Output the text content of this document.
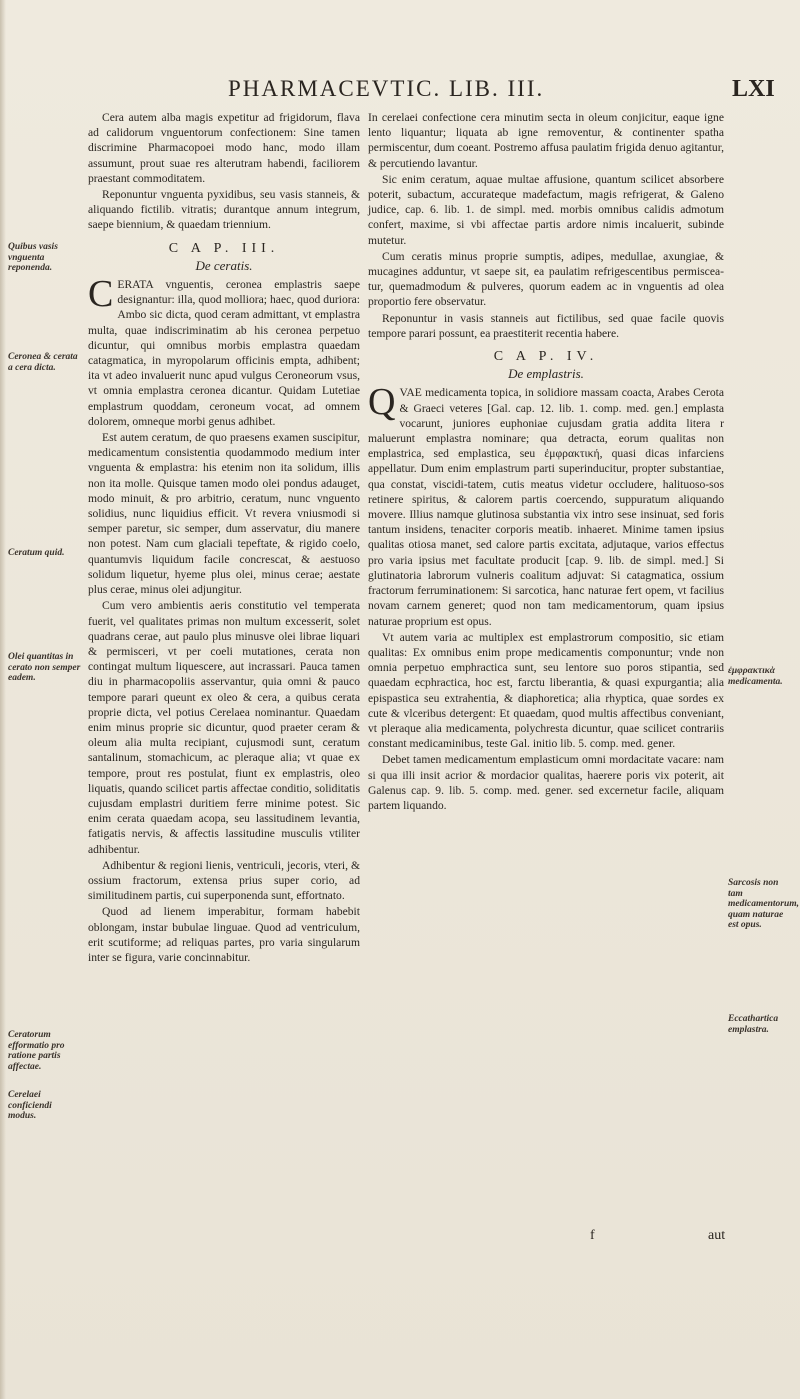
PHARMACEVTIC. LIB. III.	LXI
Quibus vasis vnguenta reponenda.
Ceronea & cerata a cera dicta.
Ceratum quid.
Olei quantitas in cerato non semper eadem.
Ceratorum efformatio pro ratione partis affectae.
Cerelaei conficiendi modus.
ἐμφρακτικὰ medicamenta.
Sarcosis non tam medicamentorum, quam naturae est opus.
Eccathartica emplastra.

Cera autem alba magis expetitur ad frigidorum, flava ad calidorum vnguentorum confectionem: Sine tamen discrimine Pharmacopoei modo hanc, modo illam assumunt, prout suae res alterutram habendi, faciliorem praestant commoditatem.

Reponuntur vnguenta pyxidibus, seu vasis stanneis, & aliquando fictilib. vitratis; durantque annum integrum, saepe biennium, & quaedam triennium.

C A P. III.
De ceratis.

CERATA vnguentis, ceronea emplastris saepe designantur: illa, quod molliora; haec, quod duriora: Ambo sic dicta, quod ceram admittant, vt emplastra multa, quae indiscriminatim ab his ceronea perpetuo dicuntur, qui omnibus morbis emplastra quaedam catagmatica, in myropolarum officinis empta, adhibent; ita vt adeo invaluerit nunc apud vulgus Ceroneorum vsus, vt omnia emplastra ceronea dicantur. Quidam Lutetiae emplastrum quoddam, ceroneum vocat, ad omnem dolorem, omneque morbi genus adhibet.

Est autem ceratum, de quo praesens examen suscipitur, medicamentum consistentia quodammodo medium inter vnguenta & emplastra: his etenim non ita solidum, illis non ita molle. Quisque tamen modo olei pondus adauget, modo minuit, & pro arbitrio, ceratum, nunc vnguento solidius, nunc liquidius efficit. Vt revera vniusmodi si semper paretur, sic semper, dum asservatur, diu manere non potest. Nam cum glaciali tepeftate, & rigido coelo, quantumvis liquidum facile concrescat, & aestuoso solidum liquetur, hyeme plus olei, minus cerae; aestate plus cerae, minus olei adjungitur.

Cum vero ambientis aeris constitutio vel temperata fuerit, vel qualitates primas non multum excesserit, solet quadrans cerae, aut paulo plus minusve olei librae liquari & permisceri, vt per coeli mutationes, cerata non contingat multum liquescere, aut incrassari. Pauca tamen diu in pharmacopoliis asservantur, quia omni & pauco tempore parari queunt ex oleo & cera, a quibus cerata proprie dicta, vel potius Cerelaea nominantur. Quaedam enim minus proprie sic dicuntur, quod praeter ceram & oleum alia multa recipiant, cujusmodi sunt, ceratum santalinum, stomachicum, ac pleraque alia; vt quae ex tempore, prout res postulat, fiunt ex emplastris, oleo liquatis, quando scilicet partis affectae conditio, soliditatis cujusdam emplastri duritiem ferre minime potest. Sic enim cerata quaedam acopa, seu lassitudinem levantia, fatigatis nervis, & affectis lassitudine musculis vtiliter adhibentur.

Adhibentur & regioni lienis, ventriculi, jecoris, vteri, & ossium fractorum, extensa prius super corio, ad similitudinem partis, cui superponenda sunt, effortnato.

Quod ad lienem imperabitur, formam habebit oblongam, instar bubulae linguae. Quod ad ventriculum, erit scutiforme; ad reliquas partes, pro varia singularum inter se figura, varie concinnabitur.

In cerelaei confectione cera minutim secta in oleum conjicitur, eaque igne lento liquantur; liquata ab igne removentur, & continenter spatha permiscentur, dum coeant. Postremo affusa paulatim frigida denuo agitantur, & percutiendo lavantur.

Sic enim ceratum, aquae multae affusione, quantum scilicet absorbere poterit, subactum, accurateque madefactum, magis refrigerat, & Galeno judice, cap. 6. lib. 1. de simpl. med. morbis omnibus calidis admotum confert, maxime, si vbi affectae partis ardore nimis incaluerit, subinde mutetur.

Cum ceratis minus proprie sumptis, adipes, medullae, axungiae, & mucagines adduntur, vt saepe sit, ea paulatim refrigescentibus permiscea-tur, quemadmodum & pulveres, quorum eadem ac in vnguentis ad olea proportio fere observatur.

Reponuntur in vasis stanneis aut fictilibus, sed quae facile quovis tempore parari possunt, ea praestiterit recentia habere.

C A P. IV.
De emplastris.

QVAE medicamenta topica, in solidiore massam coacta, Arabes Cerota & Graeci veteres [Gal. cap. 12. lib. 1. comp. med. gen.] emplasta vocarunt, juniores euphoniae cujusdam gratia addita litera r maluerunt emplastra nominare; qua detracta, eorum qualitas non emplastrica, sed emplastica, seu ἐμφρακτική, quasi dicas infarciens appellatur. Dum enim emplastrum parti superinducitur, propter substantiae, qua constat, viscidi-tatem, cutis meatus videtur occludere, halituoso-sos retinere spiritus, & calorem partis coercendo, suppuratum aliquando movere. Illius namque glutinosa substantia vix intro sese insinuat, sed foris tantum insidens, tenaciter corporis meatib. inhaeret. Minime tamen ipsius qualitas otiosa manet, sed calore partis excitata, adjutaque, varios effectus pro varia ipsius met facultate producit [cap. 9. lib. de simpl. med.] Si glutinatoria labrorum vulneris coalitum adjuvat: Si catagmatica, ossium fractorum ferruminationem: Si sarcotica, hanc naturae fert opem, vt facilius novam carnem generet; quod non tam medicamentorum, quam ipsius naturae proprium est opus.

Vt autem varia ac multiplex est emplastrorum compositio, sic etiam qualitas: Ex omnibus enim prope medicamentis componuntur; vnde non omnia perpetuo emphractica sunt, seu lentore suo poros stipantia, sed quaedam ecphractica, hoc est, farctu liberantia, & quasi expurgantia; alia epispastica seu extrahentia, & diaphoretica; alia rhyptica, quae sordes ex cute & vlceribus detergent: Et quaedam, quod multis affectibus conveniant, vt pleraque alia medicamenta, polychresta dicuntur, quae scilicet contrariis constant medicaminibus, teste Gal. initio lib. 5. comp. med. gener.

Debet tamen medicamentum emplasticum omni mordacitate vacare: nam si qua illi insit acrior & mordacior qualitas, haerere poris vix poterit, ait Galenus cap. 9. lib. 5. comp. med. gener. sed excernetur facile, aliquam partem liquando.

f	aut
